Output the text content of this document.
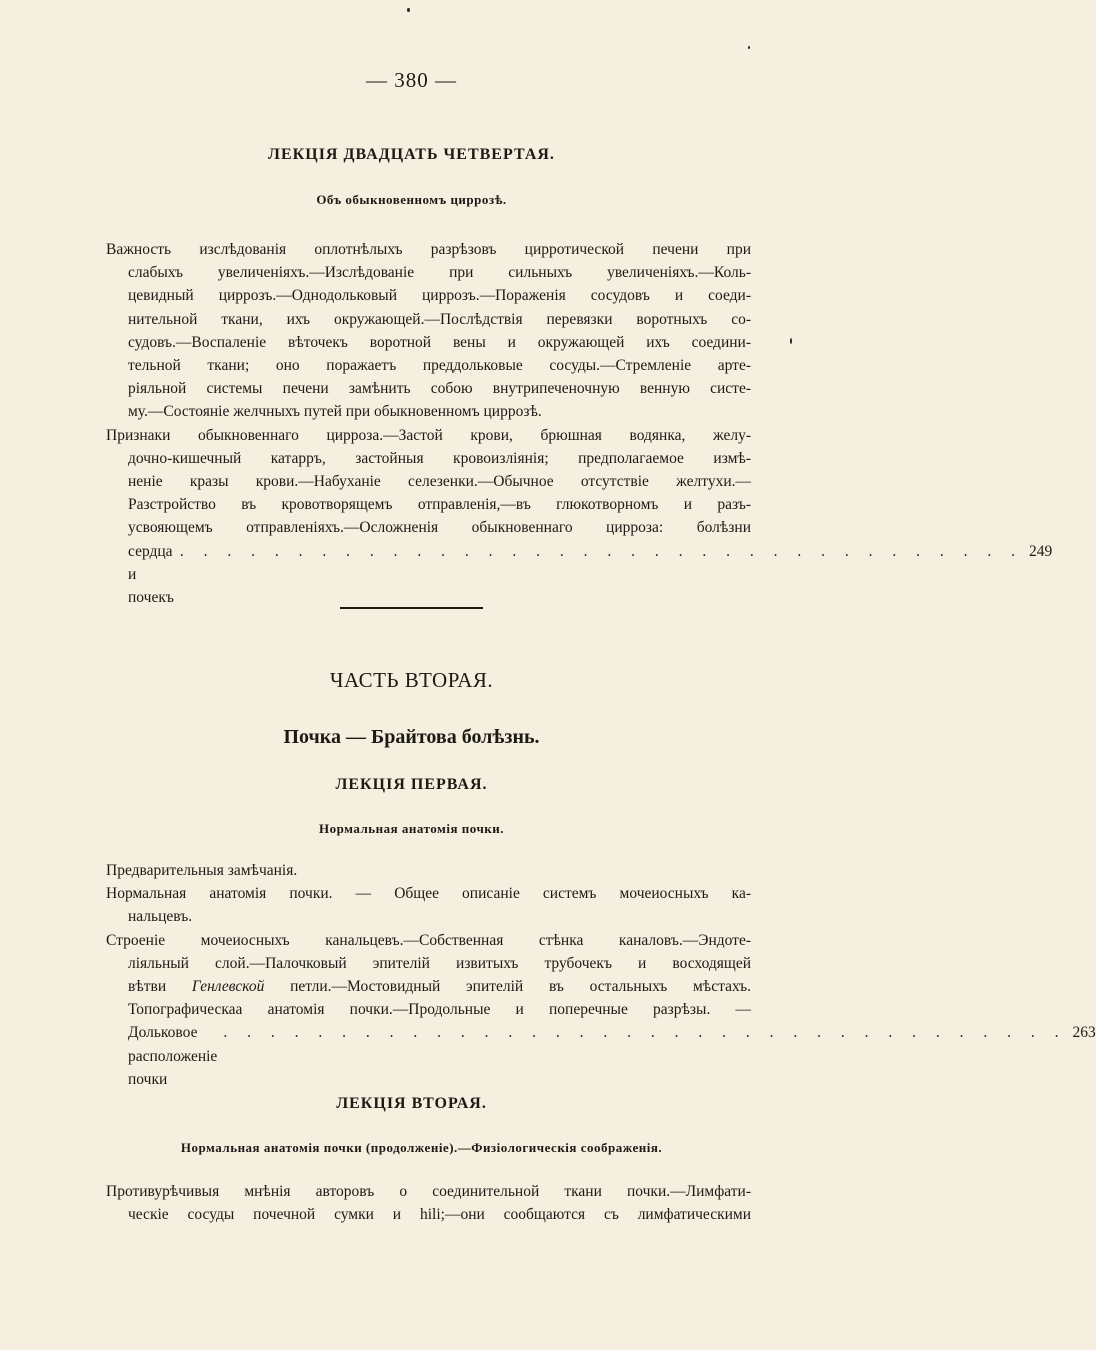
— 380 —
ЛЕКЦІЯ ДВАДЦАТЬ ЧЕТВЕРТАЯ.
Объ обыкновенномъ циррозѣ.
Важность изслѣдованія оплотнѣлыхъ разрѣзовъ цирротической печени при
слабыхъ увеличеніяхъ.—Изслѣдованіе при сильныхъ увеличеніяхъ.—Коль-
цевидный циррозъ.—Однодольковый циррозъ.—Пораженія сосудовъ и соеди-
нительной ткани, ихъ окружающей.—Послѣдствія перевязки воротныхъ со-
судовъ.—Воспаленіе вѣточекъ воротной вены и окружающей ихъ соедини-
тельной ткани; оно поражаетъ преддольковые сосуды.—Стремленіе арте-
ріяльной системы печени замѣнить собою внутрипеченочную венную систе-
му.—Состояніе желчныхъ путей при обыкновенномъ циррозѣ.
Признаки обыкновеннаго цирроза.—Застой крови, брюшная водянка, желу-
дочно-кишечный катарръ, застойныя кровоизліянія; предполагаемое измѣ-
неніе кразы крови.—Набуханіе селезенки.—Обычное отсутствіе желтухи.—
Разстройство въ кровотворящемъ отправленія,—въ глюкотворномъ и разъ-
усвояющемъ отправленіяхъ.—Осложненія обыкновеннаго цирроза: болѣзни
сердца и почекъ
. . . . . . . . . . . . . . . . . . . . . . . . . . . . . . . . . . . . 249
ЧАСТЬ ВТОРАЯ.
Почка — Брайтова болѣзнь.
ЛЕКЦІЯ ПЕРВАЯ.
Нормальная анатомія почки.
Предварительныя замѣчанія.
Нормальная анатомія почки. — Общее описаніе системъ мочеиосныхъ ка-
нальцевъ.
Строеніе мочеиосныхъ канальцевъ.—Собственная стѣнка каналовъ.—Эндоте-
ліяльный слой.—Палочковый эпителій извитыхъ трубочекъ и восходящей
вѣтви Генлевской петли.—Мостовидный эпителій въ остальныхъ мѣстахъ.
Топографическаа анатомія почки.—Продольные и поперечные разрѣзы. —
Дольковое расположеніе почки
. . . . . . . . . . . . . . . . . . . . . . . . . . . . . . . . . . . . 263
ЛЕКЦІЯ ВТОРАЯ.
Нормальная анатомія почки (продолженіе).—Физіологическія соображенія.
Противурѣчивыя мнѣнія авторовъ о соединительной ткани почки.—Лимфати-
ческіе сосуды почечной сумки и hili;—они сообщаются съ лимфатическими
